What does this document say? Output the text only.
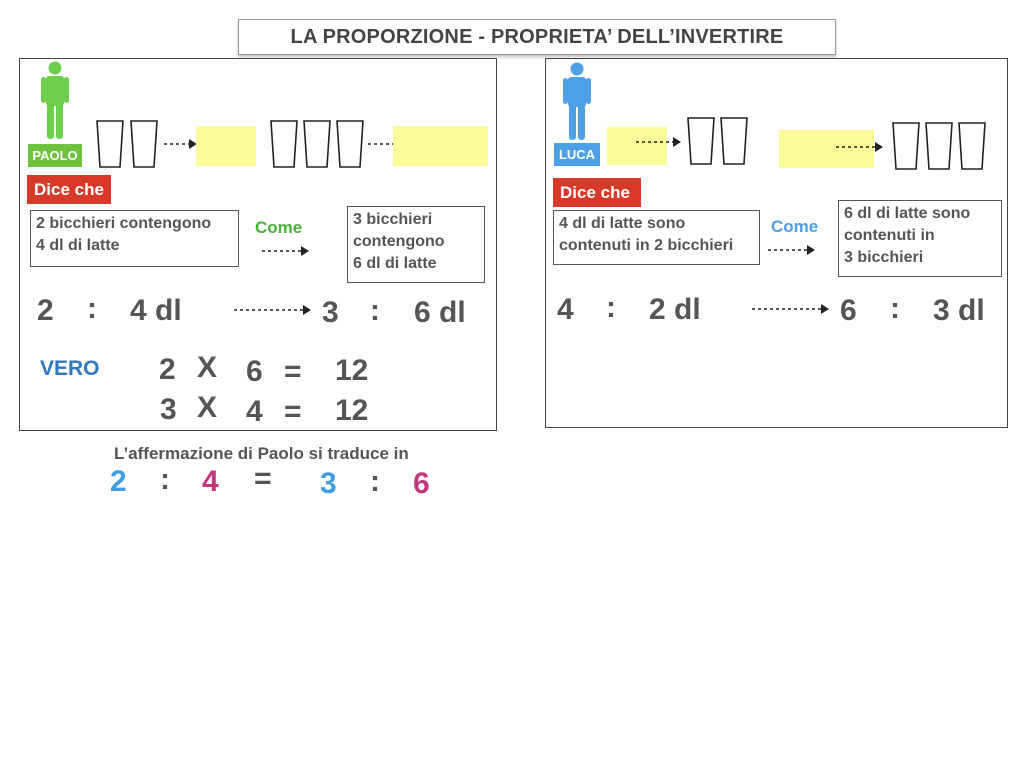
LA PROPORZIONE - PROPRIETA’ DELL’INVERTIRE
PAOLO
Dice che
2 bicchieri contengono
4 dl di latte
Come	3 bicchieri
contengono
6 dl di latte
2 : 4 dl	3 : 6 dl
VERO 2 X 6 = 12
3 X 4 = 12
LUCA
Dice che
4 dl di latte sono
contenuti in 2 bicchieri
Come
6 dl di latte sono
contenuti in
3 bicchieri
4 : 2 dl	6 : 3 dl
L’affermazione di Paolo si traduce in
2 : 4 = 3 : 6
